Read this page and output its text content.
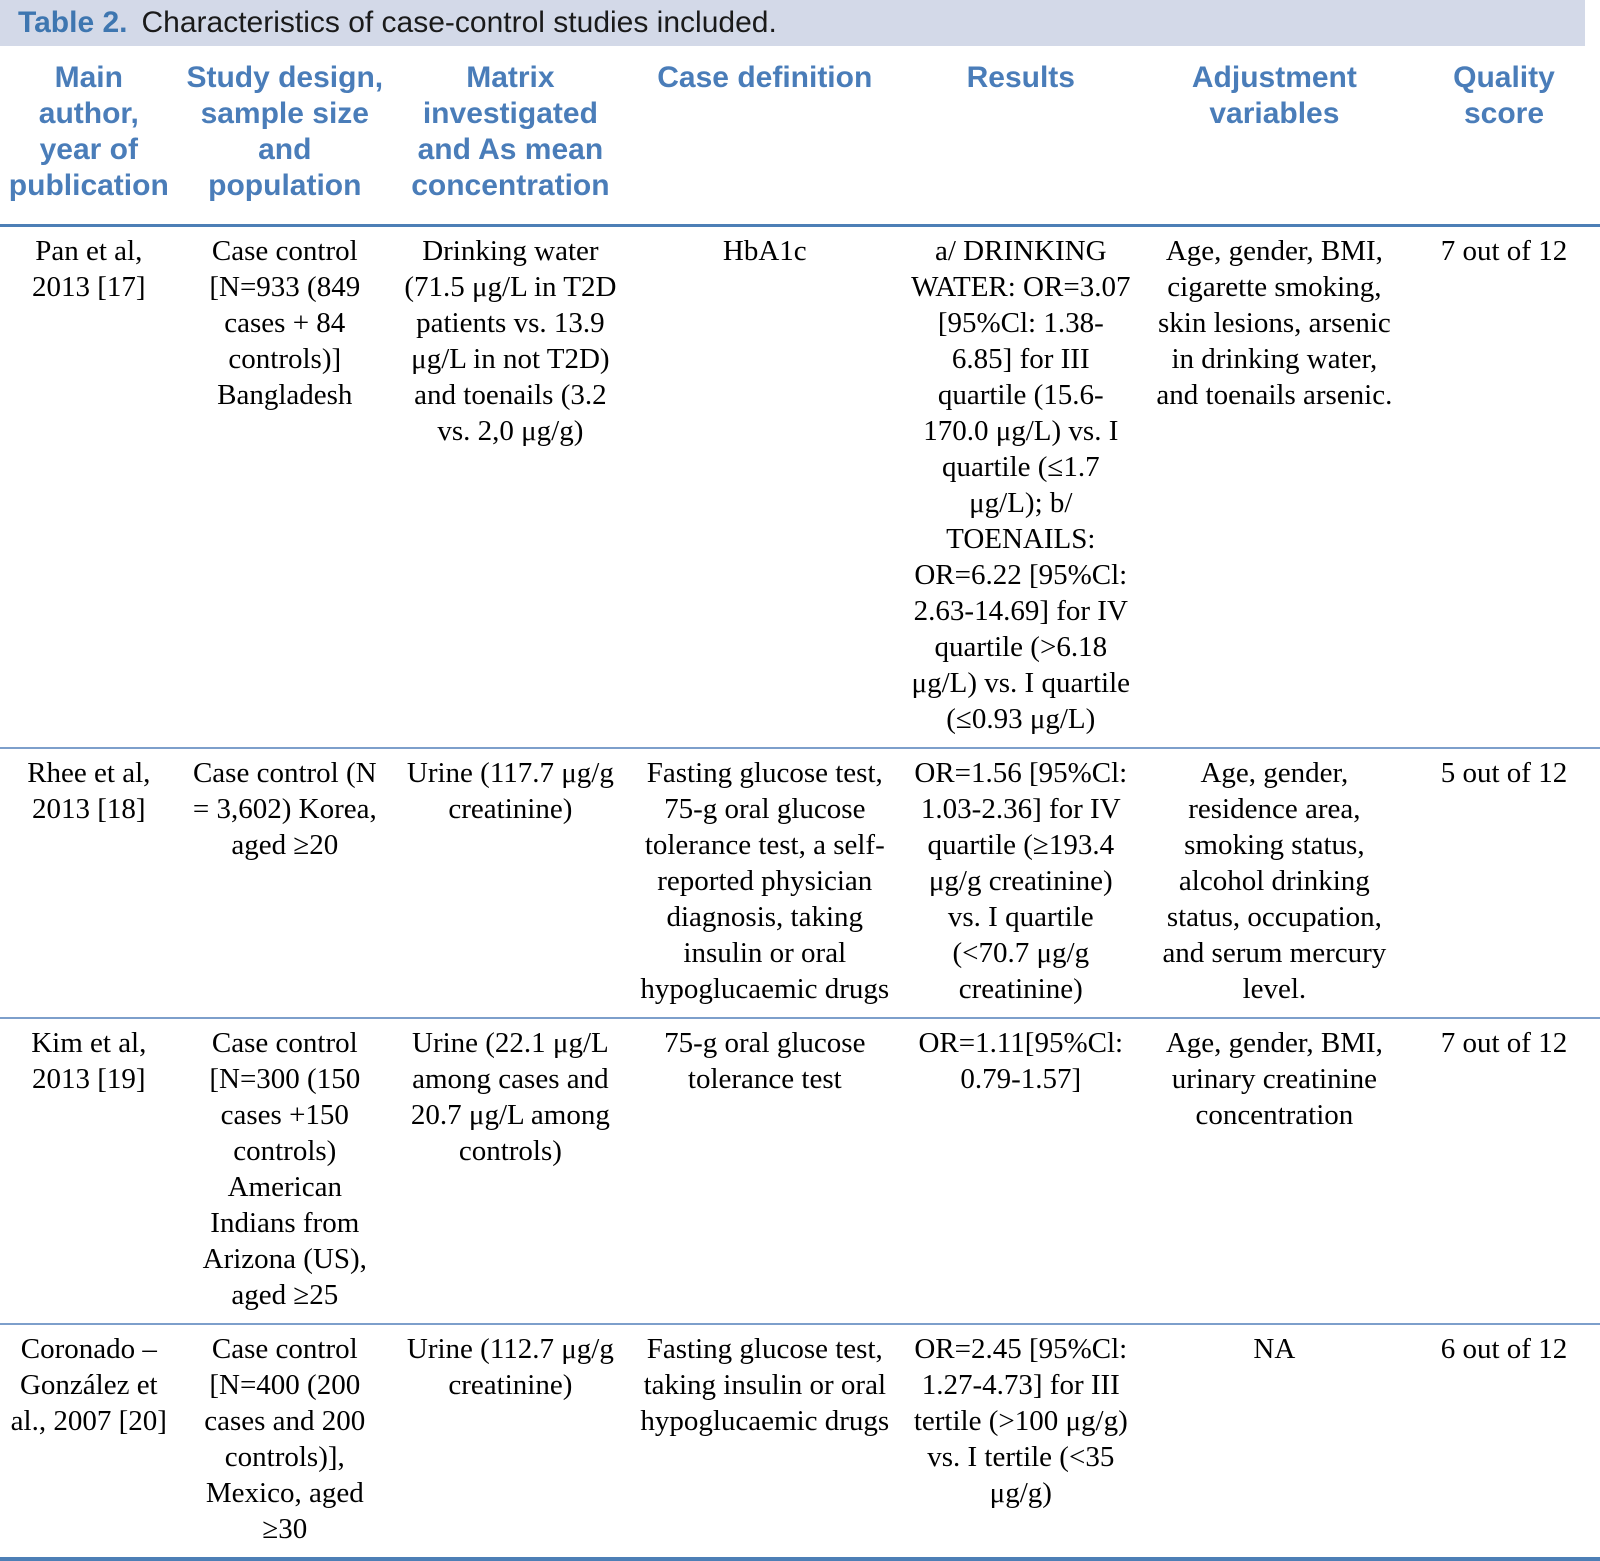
Table 2. Characteristics of case-control studies included.
Main author, year of publication	Study design, sample size and population	Matrix investigated and As mean concentration	Case definition	Results	Adjustment variables	Quality score
Pan et al, 2013 [17]	Case control [N=933 (849 cases + 84 controls)] Bangladesh	Drinking water (71.5 μg/L in T2D patients vs. 13.9 μg/L in not T2D) and toenails (3.2 vs. 2,0 μg/g)	HbA1c	a/ DRINKING WATER: OR=3.07 [95%Cl: 1.38-6.85] for III quartile (15.6-170.0 μg/L) vs. I quartile (≤1.7 μg/L); b/ TOENAILS: OR=6.22 [95%Cl: 2.63-14.69] for IV quartile (>6.18 μg/L) vs. I quartile (≤0.93 μg/L)	Age, gender, BMI, cigarette smoking, skin lesions, arsenic in drinking water, and toenails arsenic.	7 out of 12
Rhee et al, 2013 [18]	Case control (N = 3,602) Korea, aged ≥20	Urine (117.7 μg/g creatinine)	Fasting glucose test, 75-g oral glucose tolerance test, a self-reported physician diagnosis, taking insulin or oral hypoglucaemic drugs	OR=1.56 [95%Cl: 1.03-2.36] for IV quartile (≥193.4 μg/g creatinine) vs. I quartile (<70.7 μg/g creatinine)	Age, gender, residence area, smoking status, alcohol drinking status, occupation, and serum mercury level.	5 out of 12
Kim et al, 2013 [19]	Case control [N=300 (150 cases +150 controls) American Indians from Arizona (US), aged ≥25	Urine (22.1 μg/L among cases and 20.7 μg/L among controls)	75-g oral glucose tolerance test	OR=1.11[95%Cl: 0.79-1.57]	Age, gender, BMI, urinary creatinine concentration	7 out of 12
Coronado – González et al., 2007 [20]	Case control [N=400 (200 cases and 200 controls)], Mexico, aged ≥30	Urine (112.7 μg/g creatinine)	Fasting glucose test, taking insulin or oral hypoglucaemic drugs	OR=2.45 [95%Cl: 1.27-4.73] for III tertile (>100 μg/g) vs. I tertile (<35 μg/g)	NA	6 out of 12
